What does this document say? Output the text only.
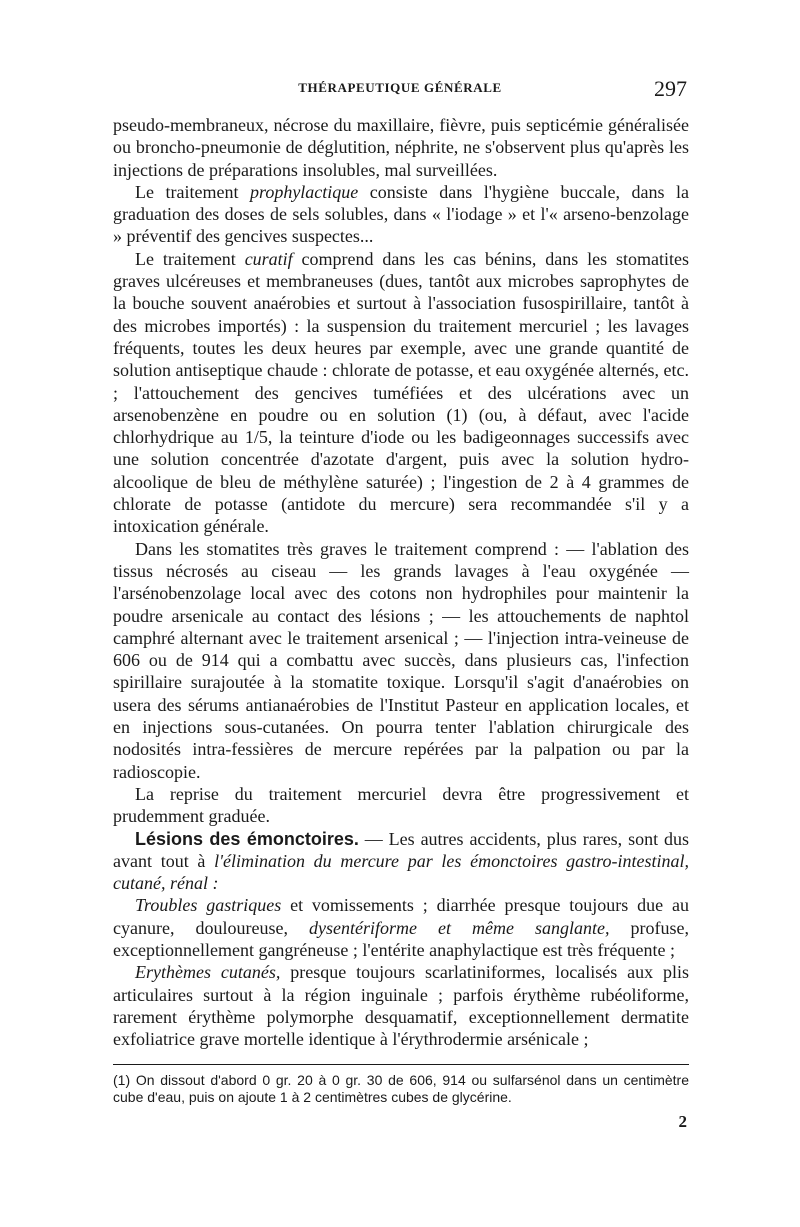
THÉRAPEUTIQUE GÉNÉRALE	297

pseudo-membraneux, nécrose du maxillaire, fièvre, puis septicémie généralisée ou broncho-pneumonie de déglutition, néphrite, ne s'observent plus qu'après les injections de préparations insolubles, mal surveillées.

Le traitement prophylactique consiste dans l'hygiène buccale, dans la graduation des doses de sels solubles, dans « l'iodage » et l'« arseno-benzolage » préventif des gencives suspectes...

Le traitement curatif comprend dans les cas bénins, dans les stomatites graves ulcéreuses et membraneuses (dues, tantôt aux microbes saprophytes de la bouche souvent anaérobies et surtout à l'association fusospirillaire, tantôt à des microbes importés) : la suspension du traitement mercuriel ; les lavages fréquents, toutes les deux heures par exemple, avec une grande quantité de solution antiseptique chaude : chlorate de potasse, et eau oxygénée alternés, etc. ; l'attouchement des gencives tuméfiées et des ulcérations avec un arsenobenzène en poudre ou en solution (1) (ou, à défaut, avec l'acide chlorhydrique au 1/5, la teinture d'iode ou les badigeonnages successifs avec une solution concentrée d'azotate d'argent, puis avec la solution hydro-alcoolique de bleu de méthylène saturée) ; l'ingestion de 2 à 4 grammes de chlorate de potasse (antidote du mercure) sera recommandée s'il y a intoxication générale.

Dans les stomatites très graves le traitement comprend : — l'ablation des tissus nécrosés au ciseau — les grands lavages à l'eau oxygénée — l'arsénobenzolage local avec des cotons non hydrophiles pour maintenir la poudre arsenicale au contact des lésions ; — les attouchements de naphtol camphré alternant avec le traitement arsenical ; — l'injection intra-veineuse de 606 ou de 914 qui a combattu avec succès, dans plusieurs cas, l'infection spirillaire surajoutée à la stomatite toxique. Lorsqu'il s'agit d'anaérobies on usera des sérums antianaérobies de l'Institut Pasteur en application locales, et en injections sous-cutanées. On pourra tenter l'ablation chirurgicale des nodosités intra-fessières de mercure repérées par la palpation ou par la radioscopie.

La reprise du traitement mercuriel devra être progressivement et prudemment graduée.

Lésions des émonctoires. — Les autres accidents, plus rares, sont dus avant tout à l'élimination du mercure par les émonctoires gastro-intestinal, cutané, rénal :

Troubles gastriques et vomissements ; diarrhée presque toujours due au cyanure, douloureuse, dysentériforme et même sanglante, profuse, exceptionnellement gangréneuse ; l'entérite anaphylactique est très fréquente ;

Erythèmes cutanés, presque toujours scarlatiniformes, localisés aux plis articulaires surtout à la région inguinale ; parfois érythème rubéoliforme, rarement érythème polymorphe desquamatif, exceptionnellement dermatite exfoliatrice grave mortelle identique à l'érythrodermie arsénicale ;

(1) On dissout d'abord 0 gr. 20 à 0 gr. 30 de 606, 914 ou sulfarsénol dans un centimètre cube d'eau, puis on ajoute 1 à 2 centimètres cubes de glycérine.
2
